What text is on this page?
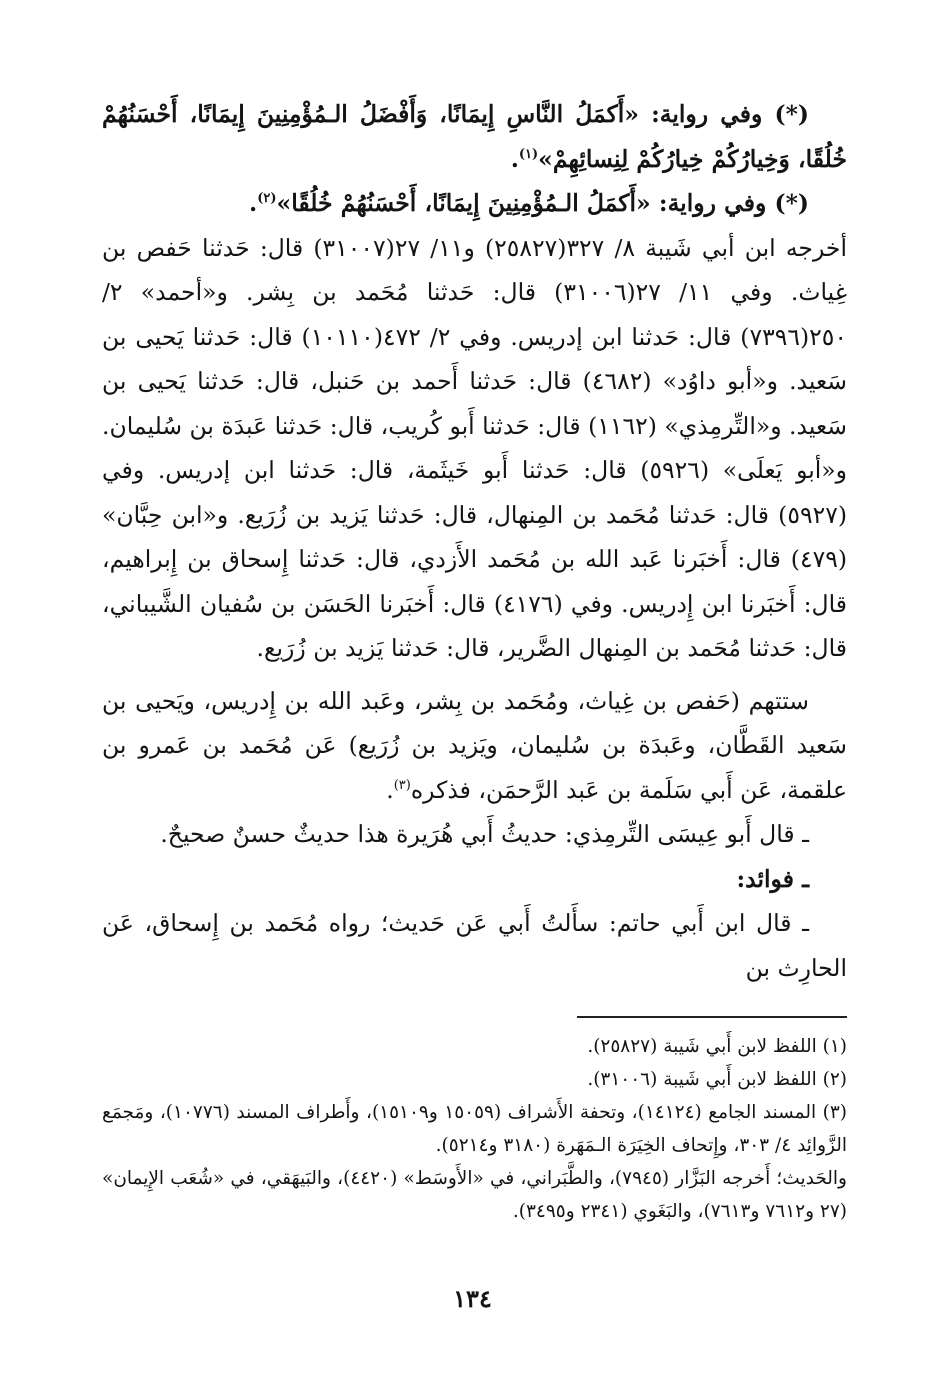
(*) وفي رواية: «أَكمَلُ النَّاسِ إِيمَانًا، وَأَفْضَلُ الـمُؤْمِنِينَ إِيمَانًا، أَحْسَنُهُمْ خُلُقًا، وَخِيارُكُمْ خِيارُكُمْ لِنِسائِهِمْ»$^{(١)}$.

(*) وفي رواية: «أَكمَلُ الـمُؤْمِنِينَ إِيمَانًا، أَحْسَنُهُمْ خُلُقًا»$^{(٢)}$.

أخرجه ابن أبي شَيبة ٨/ ٣٢٧(٢٥٨٢٧) و١١/ ٢٧(٣١٠٠٧) قال: حَدثنا حَفص بن غِياث. وفي ١١/ ٢٧(٣١٠٠٦) قال: حَدثنا مُحَمد بن بِشر. و«أحمد» ٢/ ٢٥٠(٧٣٩٦) قال: حَدثنا ابن إدريس. وفي ٢/ ٤٧٢(١٠١١٠) قال: حَدثنا يَحيى بن سَعيد. و«أبو داوُد» (٤٦٨٢) قال: حَدثنا أَحمد بن حَنبل، قال: حَدثنا يَحيى بن سَعيد. و«التِّرمِذي» (١١٦٢) قال: حَدثنا أَبو كُريب، قال: حَدثنا عَبدَة بن سُليمان. و«أبو يَعلَى» (٥٩٢٦) قال: حَدثنا أَبو خَيثَمة، قال: حَدثنا ابن إدريس. وفي (٥٩٢٧) قال: حَدثنا مُحَمد بن المِنهال، قال: حَدثنا يَزيد بن زُرَيع. و«ابن حِبَّان» (٤٧٩) قال: أَخبَرنا عَبد الله بن مُحَمد الأَزدي، قال: حَدثنا إِسحاق بن إِبراهيم، قال: أَخبَرنا ابن إِدريس. وفي (٤١٧٦) قال: أَخبَرنا الحَسَن بن سُفيان الشَّيباني، قال: حَدثنا مُحَمد بن المِنهال الضَّرير، قال: حَدثنا يَزيد بن زُرَيع.

ستتهم (حَفص بن غِياث، ومُحَمد بن بِشر، وعَبد الله بن إِدريس، ويَحيى بن سَعيد القَطَّان، وعَبدَة بن سُليمان، ويَزيد بن زُرَيع) عَن مُحَمد بن عَمرو بن علقمة، عَن أَبي سَلَمة بن عَبد الرَّحمَن، فذكره$^{(٣)}$.

ـ قال أَبو عِيسَى التِّرمِذي: حديثُ أَبي هُرَيرة هذا حديثٌ حسنٌ صحيحٌ.

ـ فوائد:

ـ قال ابن أَبي حاتم: سأَلتُ أَبي عَن حَديث؛ رواه مُحَمد بن إِسحاق، عَن الحارِث بن

(١) اللفظ لابن أَبي شَيبة (٢٥٨٢٧).

(٢) اللفظ لابن أَبي شَيبة (٣١٠٠٦).

(٣) المسند الجامع (١٤١٢٤)، وتحفة الأَشراف (١٥٠٥٩ و١٥١٠٩)، وأَطراف المسند (١٠٧٧٦)، ومَجمَع الزَّوائِد ٤/ ٣٠٣، وإِتحاف الخِيَرَة الـمَهَرة (٣١٨٠ و٥٢١٤).

والحَديث؛ أَخرجه البَزَّار (٧٩٤٥)، والطَّبَراني، في «الأَوسَط» (٤٤٢٠)، والبَيهَقي، في «شُعَب الإِيمان» (٢٧ و٧٦١٢ و٧٦١٣)، والبَغَوي (٢٣٤١ و٣٤٩٥).

١٣٤
